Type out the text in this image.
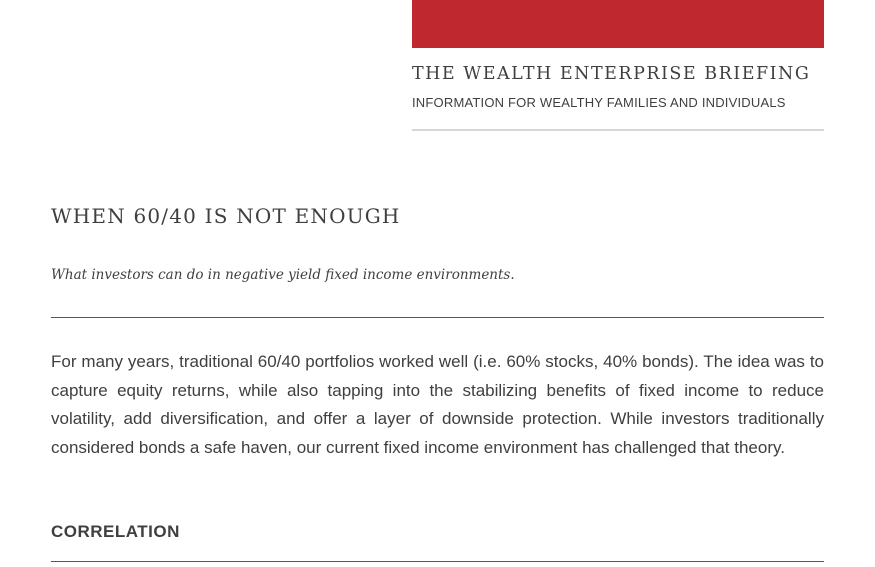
THE WEALTH ENTERPRISE BRIEFING
INFORMATION FOR WEALTHY FAMILIES AND INDIVIDUALS
WHEN 60/40 IS NOT ENOUGH
What investors can do in negative yield fixed income environments.

For many years, traditional 60/40 portfolios worked well (i.e. 60% stocks, 40% bonds). The idea was to capture equity returns, while also tapping into the stabilizing benefits of fixed income to reduce volatility, add diversification, and offer a layer of downside protection. While investors traditionally considered bonds a safe haven, our current fixed income environment has challenged that theory.

CORRELATION
